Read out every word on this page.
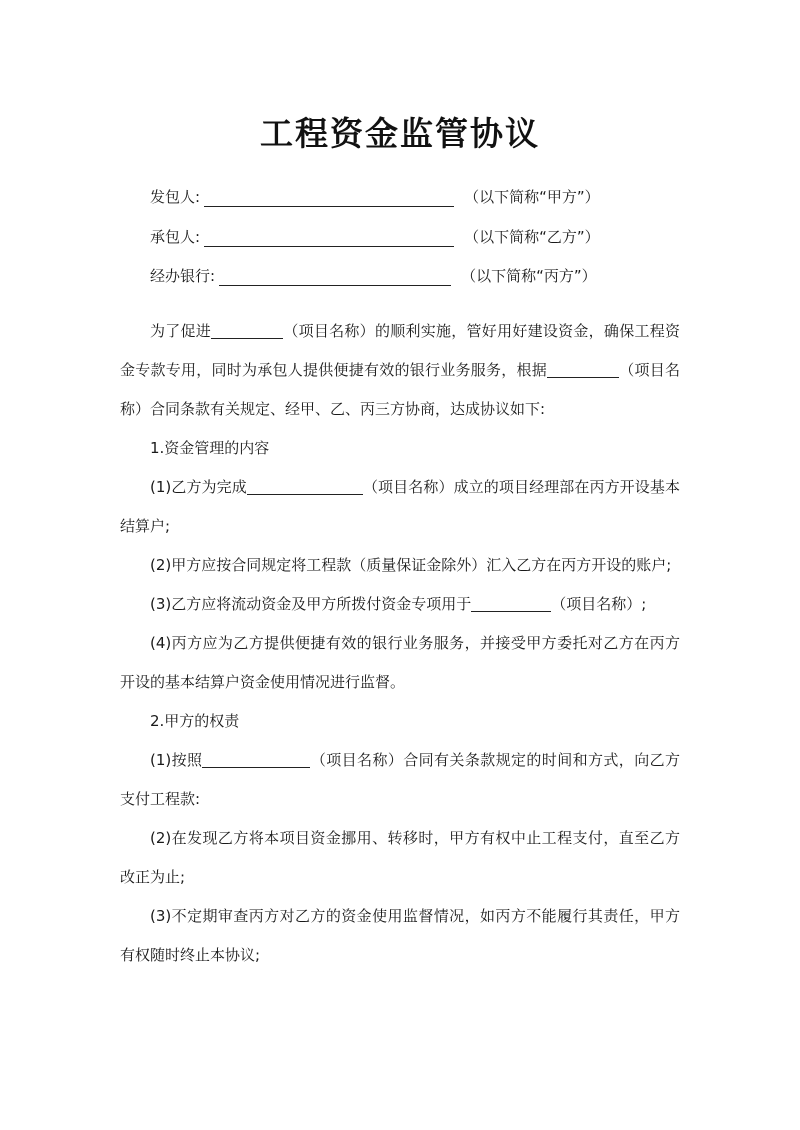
工程资金监管协议
发包人:	（以下简称“甲方”）
承包人:	（以下简称“乙方”）
经办银行:	（以下简称“丙方”）

为了促进	（项目名称）的顺利实施，管好用好建设资金，确保工程资金专款专用，同时为承包人提供便捷有效的银行业务服务，根据	（项目名称）合同条款有关规定、经甲、乙、丙三方协商，达成协议如下:

1.资金管理的内容

(1)乙方为完成	（项目名称）成立的项目经理部在丙方开设基本结算户;

(2)甲方应按合同规定将工程款（质量保证金除外）汇入乙方在丙方开设的账户;

(3)乙方应将流动资金及甲方所拨付资金专项用于	（项目名称）;

(4)丙方应为乙方提供便捷有效的银行业务服务，并接受甲方委托对乙方在丙方开设的基本结算户资金使用情况进行监督。

2.甲方的权责

(1)按照	（项目名称）合同有关条款规定的时间和方式，向乙方支付工程款:

(2)在发现乙方将本项目资金挪用、转移时，甲方有权中止工程支付，直至乙方改正为止;

(3)不定期审查丙方对乙方的资金使用监督情况，如丙方不能履行其责任，甲方有权随时终止本协议;
